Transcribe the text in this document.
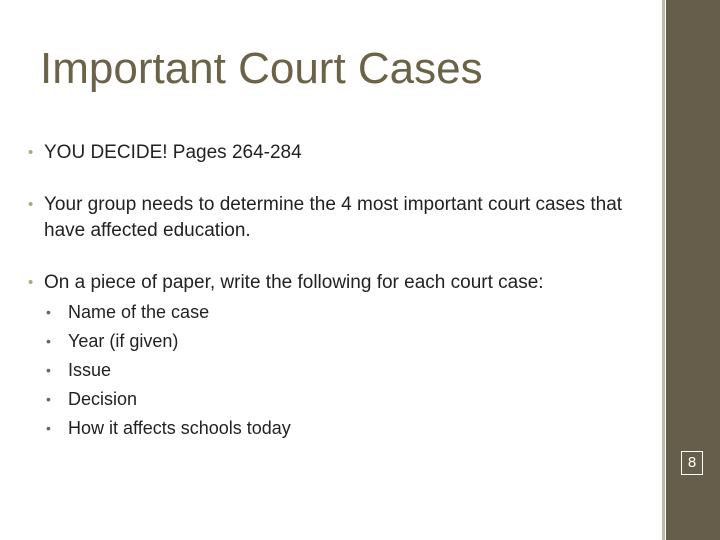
Important Court Cases
• YOU DECIDE! Pages 264-284
• Your group needs to determine the 4 most important court cases that have affected education.
• On a piece of paper, write the following for each court case:
• Name of the case
• Year (if given)
• Issue
• Decision
• How it affects schools today
8
